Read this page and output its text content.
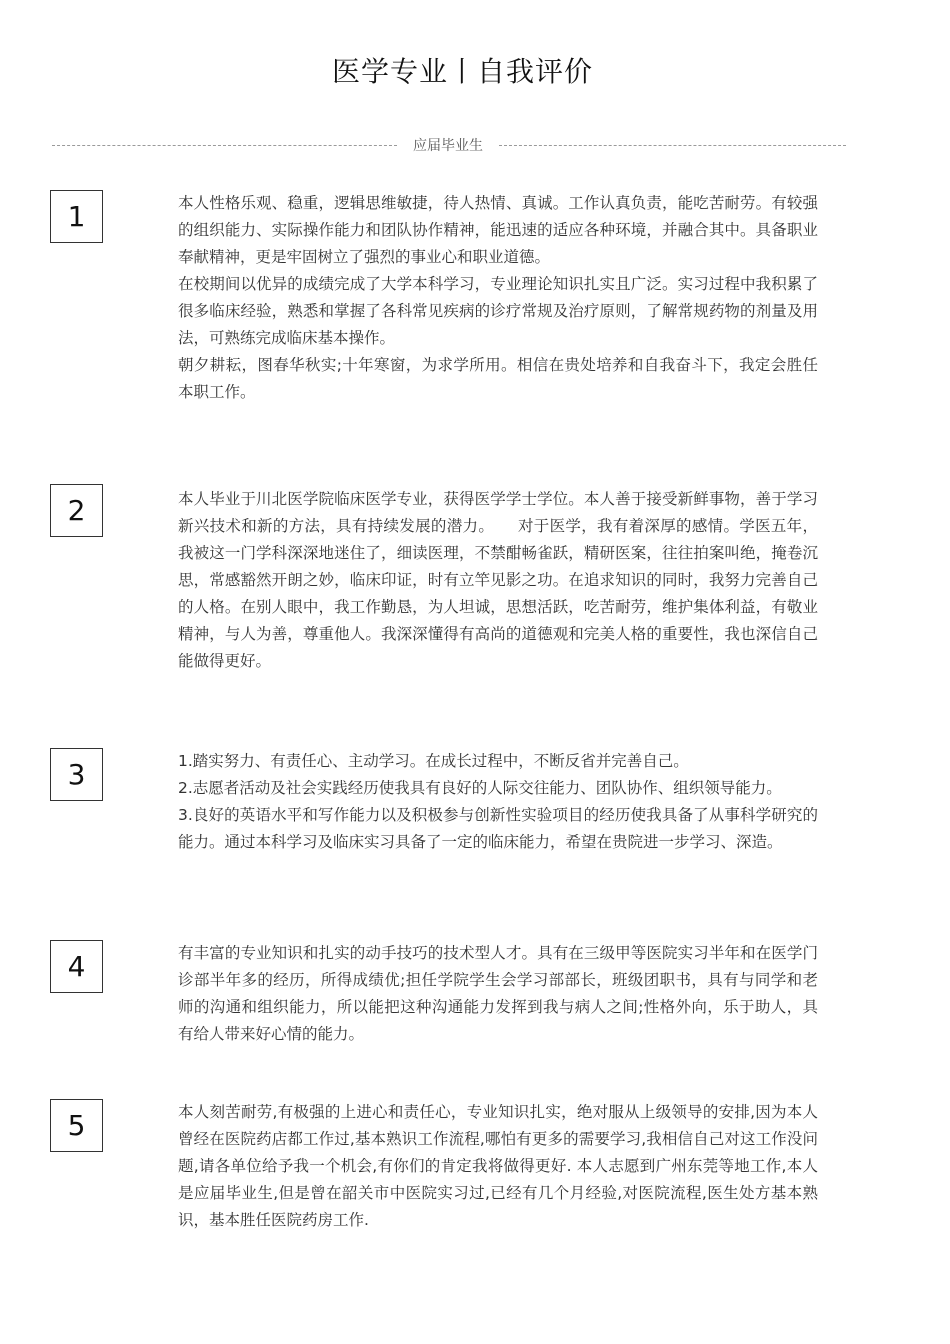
医学专业丨自我评价
应届毕业生
1	本人性格乐观、稳重，逻辑思维敏捷，待人热情、真诚。工作认真负责，能吃苦耐劳。有较强的组织能力、实际操作能力和团队协作精神，能迅速的适应各种环境，并融合其中。具备职业奉献精神，更是牢固树立了强烈的事业心和职业道德。

在校期间以优异的成绩完成了大学本科学习，专业理论知识扎实且广泛。实习过程中我积累了很多临床经验，熟悉和掌握了各科常见疾病的诊疗常规及治疗原则，了解常规药物的剂量及用法，可熟练完成临床基本操作。

朝夕耕耘，图春华秋实;十年寒窗，为求学所用。相信在贵处培养和自我奋斗下，我定会胜任本职工作。

2	本人毕业于川北医学院临床医学专业，获得医学学士学位。本人善于接受新鲜事物，善于学习新兴技术和新的方法，具有持续发展的潜力。　　对于医学，我有着深厚的感情。学医五年，我被这一门学科深深地迷住了，细读医理，不禁酣畅雀跃，精研医案，往往拍案叫绝，掩卷沉思，常感豁然开朗之妙，临床印证，时有立竿见影之功。在追求知识的同时，我努力完善自己的人格。在别人眼中，我工作勤恳，为人坦诚，思想活跃，吃苦耐劳，维护集体利益，有敬业精神，与人为善，尊重他人。我深深懂得有高尚的道德观和完美人格的重要性，我也深信自己能做得更好。

3	1.踏实努力、有责任心、主动学习。在成长过程中，不断反省并完善自己。

2.志愿者活动及社会实践经历使我具有良好的人际交往能力、团队协作、组织领导能力。

3.良好的英语水平和写作能力以及积极参与创新性实验项目的经历使我具备了从事科学研究的能力。通过本科学习及临床实习具备了一定的临床能力，希望在贵院进一步学习、深造。

4	有丰富的专业知识和扎实的动手技巧的技术型人才。具有在三级甲等医院实习半年和在医学门诊部半年多的经历，所得成绩优;担任学院学生会学习部部长，班级团职书，具有与同学和老师的沟通和组织能力，所以能把这种沟通能力发挥到我与病人之间;性格外向，乐于助人，具有给人带来好心情的能力。

5	本人刻苦耐劳,有极强的上进心和责任心，专业知识扎实，绝对服从上级领导的安排,因为本人曾经在医院药店都工作过,基本熟识工作流程,哪怕有更多的需要学习,我相信自己对这工作没问题,请各单位给予我一个机会,有你们的肯定我将做得更好. 本人志愿到广州东莞等地工作,本人是应届毕业生,但是曾在韶关市中医院实习过,已经有几个月经验,对医院流程,医生处方基本熟识，基本胜任医院药房工作.
